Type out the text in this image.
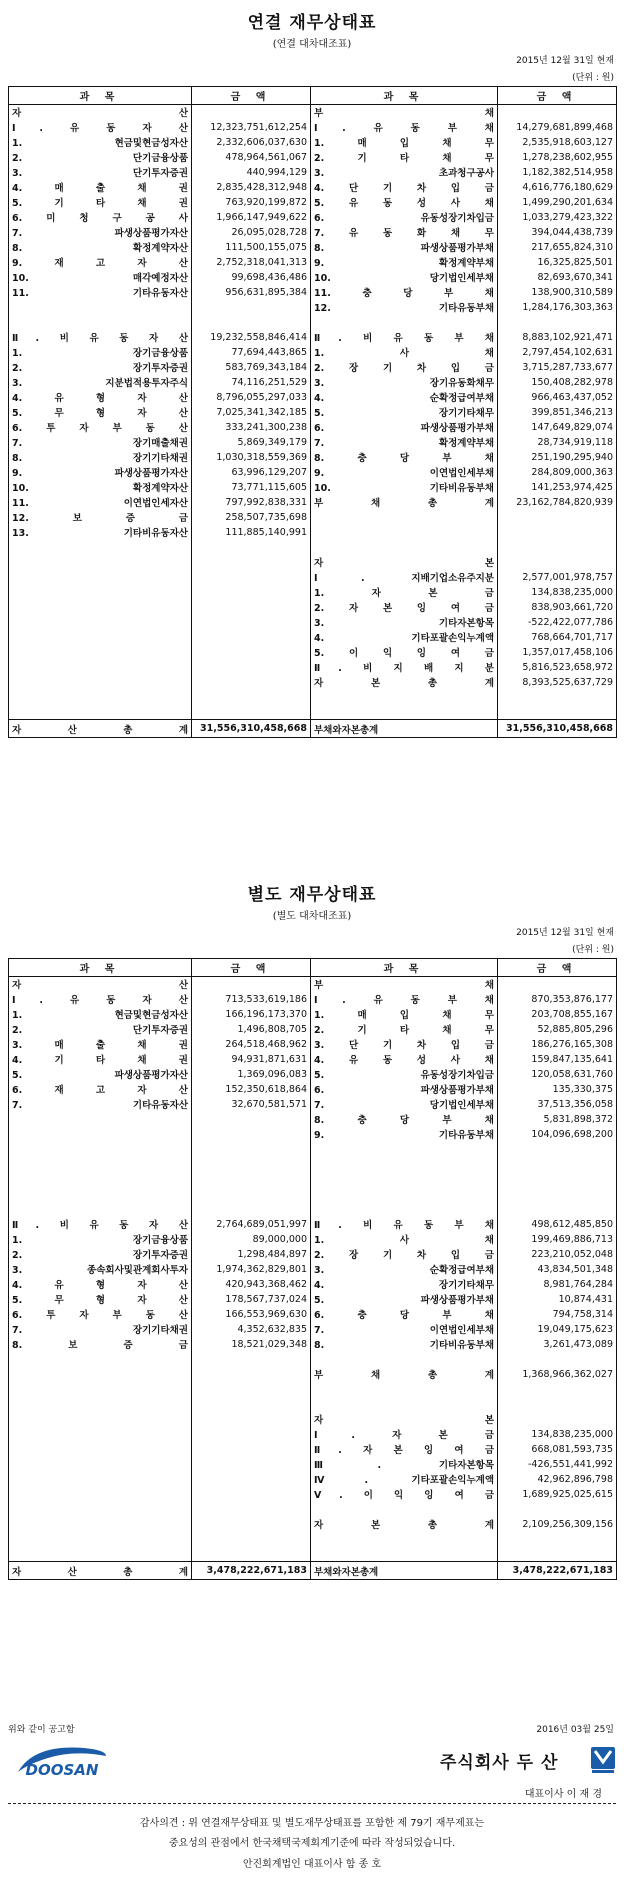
연결 재무상태표
(연결 대차대조표)
2015년 12월 31일 현재
(단위 : 원)
과 목	금 액	과 목	금 액
자 산		부 채	
Ⅰ. 유 동 자 산	12,323,751,612,254	Ⅰ. 유 동 부 채	14,279,681,899,468
1. 현금및현금성자산	2,332,606,037,630	1. 매 입 채 무	2,535,918,603,127
2. 단기금융상품	478,964,561,067	2. 기 타 채 무	1,278,238,602,955
3. 단기투자증권	440,994,129	3. 초과청구공사	1,182,382,514,958
4. 매 출 채 권	2,835,428,312,948	4. 단 기 차 입 금	4,616,776,180,629
5. 기 타 채 권	763,920,199,872	5. 유 동 성 사 채	1,499,290,201,634
6. 미 청 구 공 사	1,966,147,949,622	6. 유동성장기차입금	1,033,279,423,322
7. 파생상품평가자산	26,095,028,728	7. 유 동 화 채 무	394,044,438,739
8. 확정계약자산	111,500,155,075	8. 파생상품평가부채	217,655,824,310
9. 재 고 자 산	2,752,318,041,313	9. 확정계약부채	16,325,825,501
10. 매각예정자산	99,698,436,486	10. 당기법인세부채	82,693,670,341
11. 기타유동자산	956,631,895,384	11. 충 당 부 채	138,900,310,589
		12. 기타유동부채	1,284,176,303,363

Ⅱ. 비 유 동 자 산	19,232,558,846,414	Ⅱ. 비 유 동 부 채	8,883,102,921,471
1. 장기금융상품	77,694,443,865	1. 사 채	2,797,454,102,631
2. 장기투자증권	583,769,343,184	2. 장 기 차 입 금	3,715,287,733,677
3. 지분법적용투자주식	74,116,251,529	3. 장기유동화채무	150,408,282,978
4. 유 형 자 산	8,796,055,297,033	4. 순확정급여부채	966,463,437,052
5. 무 형 자 산	7,025,341,342,185	5. 장기기타채무	399,851,346,213
6. 투 자 부 동 산	333,241,300,238	6. 파생상품평가부채	147,649,829,074
7. 장기매출채권	5,869,349,179	7. 확정계약부채	28,734,919,118
8. 장기기타채권	1,030,318,559,369	8. 충 당 부 채	251,190,295,940
9. 파생상품평가자산	63,996,129,207	9. 이연법인세부채	284,809,000,363
10. 확정계약자산	73,771,115,605	10. 기타비유동부채	141,253,974,425
11. 이연법인세자산	797,992,838,331	부 채 총 계	23,162,784,820,939
12. 보 증 금	258,507,735,698		
13. 기타비유동자산	111,885,140,991		

		자 본	
		Ⅰ. 지배기업소유주지분	2,577,001,978,757
		1. 자 본 금	134,838,235,000
		2. 자 본 잉 여 금	838,903,661,720
		3. 기타자본항목	-522,422,077,786
		4. 기타포괄손익누계액	768,664,701,717
		5. 이 익 잉 여 금	1,357,017,458,106
		Ⅱ. 비 지 배 지 분	5,816,523,658,972
		자 본 총 계	8,393,525,637,729

자 산 총 계	31,556,310,458,668	부채와자본총계	31,556,310,458,668
별도 재무상태표
(별도 대차대조표)
2015년 12월 31일 현재
(단위 : 원)
과 목	금 액	과 목	금 액
자 산		부 채	
Ⅰ. 유 동 자 산	713,533,619,186	Ⅰ. 유 동 부 채	870,353,876,177
1. 현금및현금성자산	166,196,173,370	1. 매 입 채 무	203,708,855,167
2. 단기투자증권	1,496,808,705	2. 기 타 채 무	52,885,805,296
3. 매 출 채 권	264,518,468,962	3. 단 기 차 입 금	186,276,165,308
4. 기 타 채 권	94,931,871,631	4. 유 동 성 사 채	159,847,135,641
5. 파생상품평가자산	1,369,096,083	5. 유동성장기차입금	120,058,631,760
6. 재 고 자 산	152,350,618,864	6. 파생상품평가부채	135,330,375
7. 기타유동자산	32,670,581,571	7. 당기법인세부채	37,513,356,058
		8. 충 당 부 채	5,831,898,372
		9. 기타유동부채	104,096,698,200

Ⅱ. 비 유 동 자 산	2,764,689,051,997	Ⅱ. 비 유 동 부 채	498,612,485,850
1. 장기금융상품	89,000,000	1. 사 채	199,469,886,713
2. 장기투자증권	1,298,484,897	2. 장 기 차 입 금	223,210,052,048
3. 종속회사및관계회사투자	1,974,362,829,801	3. 순확정급여부채	43,834,501,348
4. 유 형 자 산	420,943,368,462	4. 장기기타채무	8,981,764,284
5. 무 형 자 산	178,567,737,024	5. 파생상품평가부채	10,874,431
6. 투 자 부 동 산	166,553,969,630	6. 충 당 부 채	794,758,314
7. 장기기타채권	4,352,632,835	7. 이연법인세부채	19,049,175,623
8. 보 증 금	18,521,029,348	8. 기타비유동부채	3,261,473,089

		부 채 총 계	1,368,966,362,027

		자 본	
		Ⅰ. 자 본 금	134,838,235,000
		Ⅱ. 자 본 잉 여 금	668,081,593,735
		Ⅲ. 기타자본항목	-426,551,441,992
		Ⅳ. 기타포괄손익누계액	42,962,896,798
		Ⅴ. 이 익 잉 여 금	1,689,925,025,615

		자 본 총 계	2,109,256,309,156

자 산 총 계	3,478,222,671,183	부채와자본총계	3,478,222,671,183
위와 같이 공고함	2016년 03월 25일
DOOSAN	주식회사 두 산
대표이사 이 재 경
감사의견 : 위 연결재무상태표 및 별도재무상태표를 포함한 제 79기 재무제표는
중요성의 관점에서 한국채택국제회계기준에 따라 작성되었습니다.
안진회계법인 대표이사 함 종 호
